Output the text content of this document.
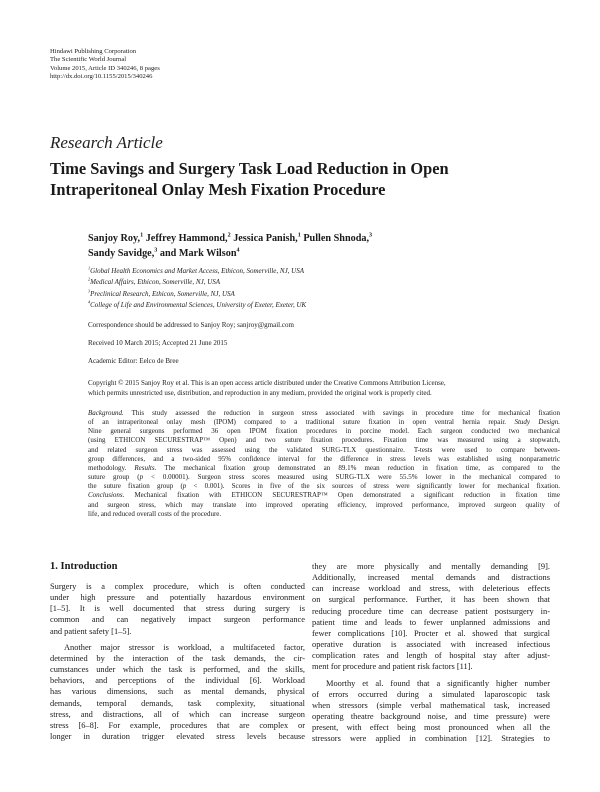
Hindawi Publishing Corporation
The Scientific World Journal
Volume 2015, Article ID 340246, 8 pages
http://dx.doi.org/10.1155/2015/340246
Research Article
Time Savings and Surgery Task Load Reduction in Open
Intraperitoneal Onlay Mesh Fixation Procedure
Sanjoy Roy,$^1$ Jeffrey Hammond,$^2$ Jessica Panish,$^1$ Pullen Shnoda,$^3$
Sandy Savidge,$^3$ and Mark Wilson$^4$
$^1$Global Health Economics and Market Access, Ethicon, Somerville, NJ, USA
$^2$Medical Affairs, Ethicon, Somerville, NJ, USA
$^3$Preclinical Research, Ethicon, Somerville, NJ, USA
$^4$College of Life and Environmental Sciences, University of Exeter, Exeter, UK
Correspondence should be addressed to Sanjoy Roy; sanjroy@gmail.com
Received 10 March 2015; Accepted 21 June 2015
Academic Editor: Eelco de Bree
Copyright © 2015 Sanjoy Roy et al. This is an open access article distributed under the Creative Commons Attribution License,
which permits unrestricted use, distribution, and reproduction in any medium, provided the original work is properly cited.
Background. This study assessed the reduction in surgeon stress associated with savings in procedure time for mechanical fixation
of an intraperitoneal onlay mesh (IPOM) compared to a traditional suture fixation in open ventral hernia repair. Study Design.
Nine general surgeons performed 36 open IPOM fixation procedures in porcine model. Each surgeon conducted two mechanical
(using ETHICON SECURESTRAP™ Open) and two suture fixation procedures. Fixation time was measured using a stopwatch,
and related surgeon stress was assessed using the validated SURG-TLX questionnaire. T-tests were used to compare between-
group differences, and a two-sided 95% confidence interval for the difference in stress levels was established using nonparametric
methodology. Results. The mechanical fixation group demonstrated an 89.1% mean reduction in fixation time, as compared to the
suture group (p < 0.00001). Surgeon stress scores measured using SURG-TLX were 55.5% lower in the mechanical compared to
the suture fixation group (p < 0.001). Scores in five of the six sources of stress were significantly lower for mechanical fixation.
Conclusions. Mechanical fixation with ETHICON SECURESTRAP™ Open demonstrated a significant reduction in fixation time
and surgeon stress, which may translate into improved operating efficiency, improved performance, improved surgeon quality of
life, and reduced overall costs of the procedure.
1. Introduction
Surgery is a complex procedure, which is often conducted
under high pressure and potentially hazardous environment
[1–5]. It is well documented that stress during surgery is
common and can negatively impact surgeon performance
and patient safety [1–5].
Another major stressor is workload, a multifaceted factor,
determined by the interaction of the task demands, the cir-
cumstances under which the task is performed, and the skills,
behaviors, and perceptions of the individual [6]. Workload
has various dimensions, such as mental demands, physical
demands, temporal demands, task complexity, situational
stress, and distractions, all of which can increase surgeon
stress [6–8]. For example, procedures that are complex or
longer in duration trigger elevated stress levels because
they are more physically and mentally demanding [9].
Additionally, increased mental demands and distractions
can increase workload and stress, with deleterious effects
on surgical performance. Further, it has been shown that
reducing procedure time can decrease patient postsurgery in-
patient time and leads to fewer unplanned admissions and
fewer complications [10]. Procter et al. showed that surgical
operative duration is associated with increased infectious
complication rates and length of hospital stay after adjust-
ment for procedure and patient risk factors [11].
Moorthy et al. found that a significantly higher number
of errors occurred during a simulated laparoscopic task
when stressors (simple verbal mathematical task, increased
operating theatre background noise, and time pressure) were
present, with effect being most pronounced when all the
stressors were applied in combination [12]. Strategies to
